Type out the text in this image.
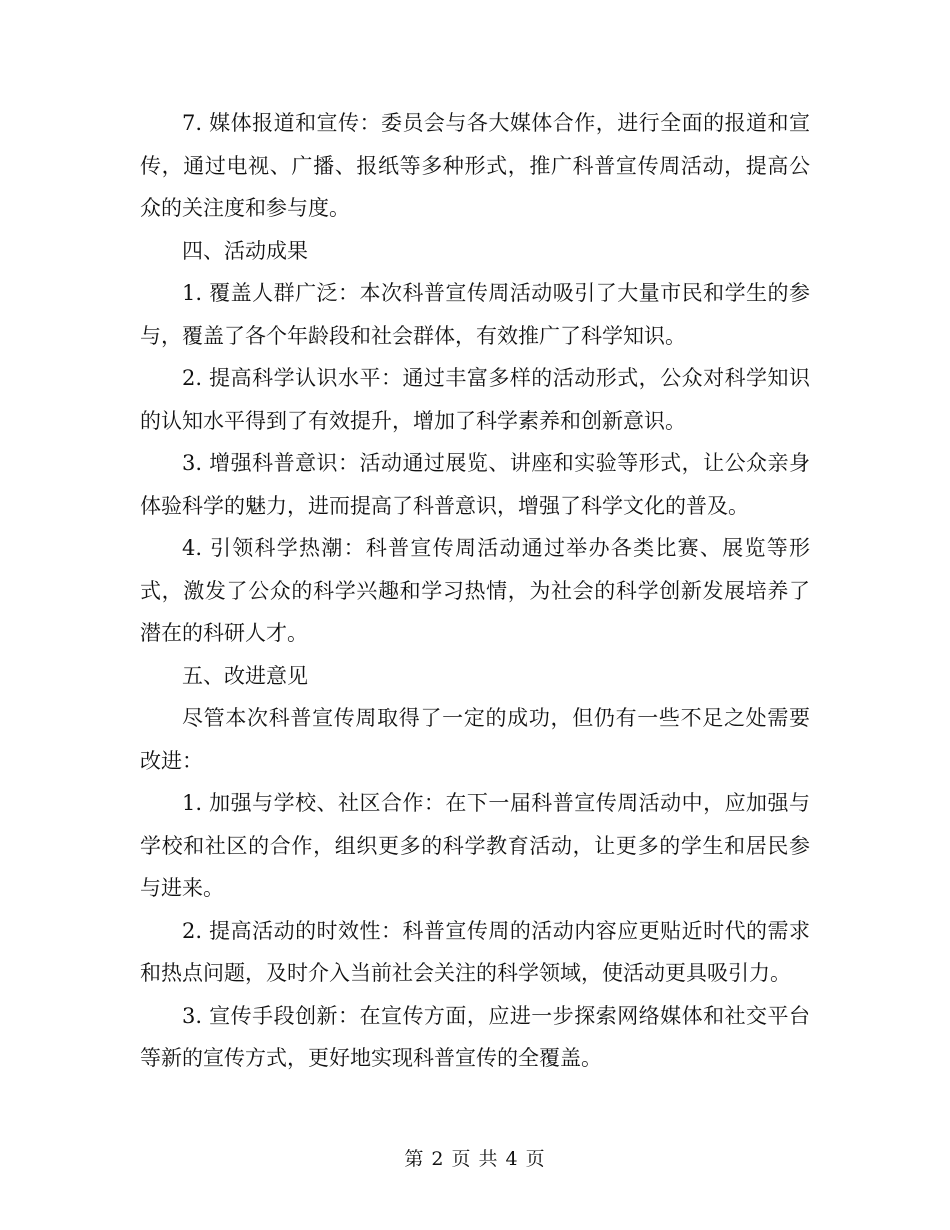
7. 媒体报道和宣传：委员会与各大媒体合作，进行全面的报道和宣传，通过电视、广播、报纸等多种形式，推广科普宣传周活动，提高公众的关注度和参与度。

四、活动成果

1. 覆盖人群广泛：本次科普宣传周活动吸引了大量市民和学生的参与，覆盖了各个年龄段和社会群体，有效推广了科学知识。

2. 提高科学认识水平：通过丰富多样的活动形式，公众对科学知识的认知水平得到了有效提升，增加了科学素养和创新意识。

3. 增强科普意识：活动通过展览、讲座和实验等形式，让公众亲身体验科学的魅力，进而提高了科普意识，增强了科学文化的普及。

4. 引领科学热潮：科普宣传周活动通过举办各类比赛、展览等形式，激发了公众的科学兴趣和学习热情，为社会的科学创新发展培养了潜在的科研人才。

五、改进意见

尽管本次科普宣传周取得了一定的成功，但仍有一些不足之处需要改进：

1. 加强与学校、社区合作：在下一届科普宣传周活动中，应加强与学校和社区的合作，组织更多的科学教育活动，让更多的学生和居民参与进来。

2. 提高活动的时效性：科普宣传周的活动内容应更贴近时代的需求和热点问题，及时介入当前社会关注的科学领域，使活动更具吸引力。

3. 宣传手段创新：在宣传方面，应进一步探索网络媒体和社交平台等新的宣传方式，更好地实现科普宣传的全覆盖。

第 2 页 共 4 页
